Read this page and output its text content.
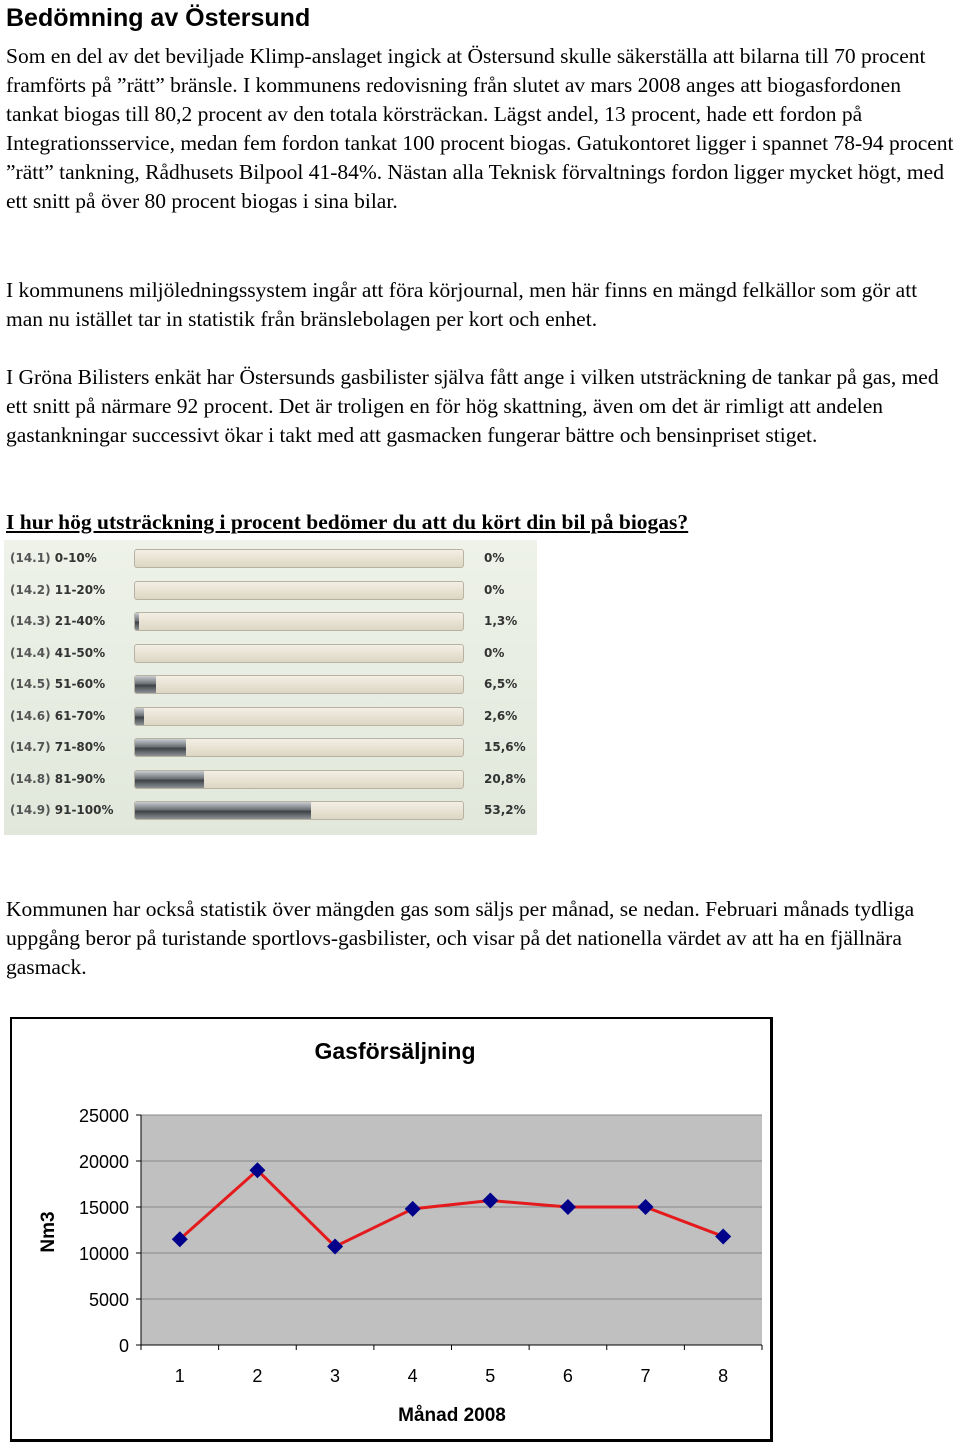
Bedömning av Östersund

Som en del av det beviljade Klimp-anslaget ingick at Östersund skulle säkerställa att bilarna till 70 procent framförts på ”rätt” bränsle. I kommunens redovisning från slutet av mars 2008 anges att biogasfordonen tankat biogas till 80,2 procent av den totala körsträckan. Lägst andel, 13 procent, hade ett fordon på Integrationsservice, medan fem fordon tankat 100 procent biogas. Gatukontoret ligger i spannet 78-94 procent ”rätt” tankning, Rådhusets Bilpool 41-84%. Nästan alla Teknisk förvaltnings fordon ligger mycket högt, med ett snitt på över 80 procent biogas i sina bilar.

I kommunens miljöledningssystem ingår att föra körjournal, men här finns en mängd felkällor som gör att man nu istället tar in statistik från bränslebolagen per kort och enhet.

I Gröna Bilisters enkät har Östersunds gasbilister själva fått ange i vilken utsträckning de tankar på gas, med ett snitt på närmare 92 procent. Det är troligen en för hög skattning, även om det är rimligt att andelen gastankningar successivt ökar i takt med att gasmacken fungerar bättre och bensinpriset stiget.

I hur hög utsträckning i procent bedömer du att du kört din bil på biogas?

(14.1) 0-10%	0%
(14.2) 11-20%	0%
(14.3) 21-40%	1,3%
(14.4) 41-50%	0%
(14.5) 51-60%	6,5%
(14.6) 61-70%	2,6%
(14.7) 71-80%	15,6%
(14.8) 81-90%	20,8%
(14.9) 91-100%	53,2%

Kommunen har också statistik över mängden gas som säljs per månad, se nedan. Februari månads tydliga uppgång beror på turistande sportlovs-gasbilister, och visar på det nationella värdet av att ha en fjällnära gasmack.

0
5000
10000
15000
20000
25000
1	2	3	4	5	6	7	8
Gasförsäljning
Månad 2008
Nm3
